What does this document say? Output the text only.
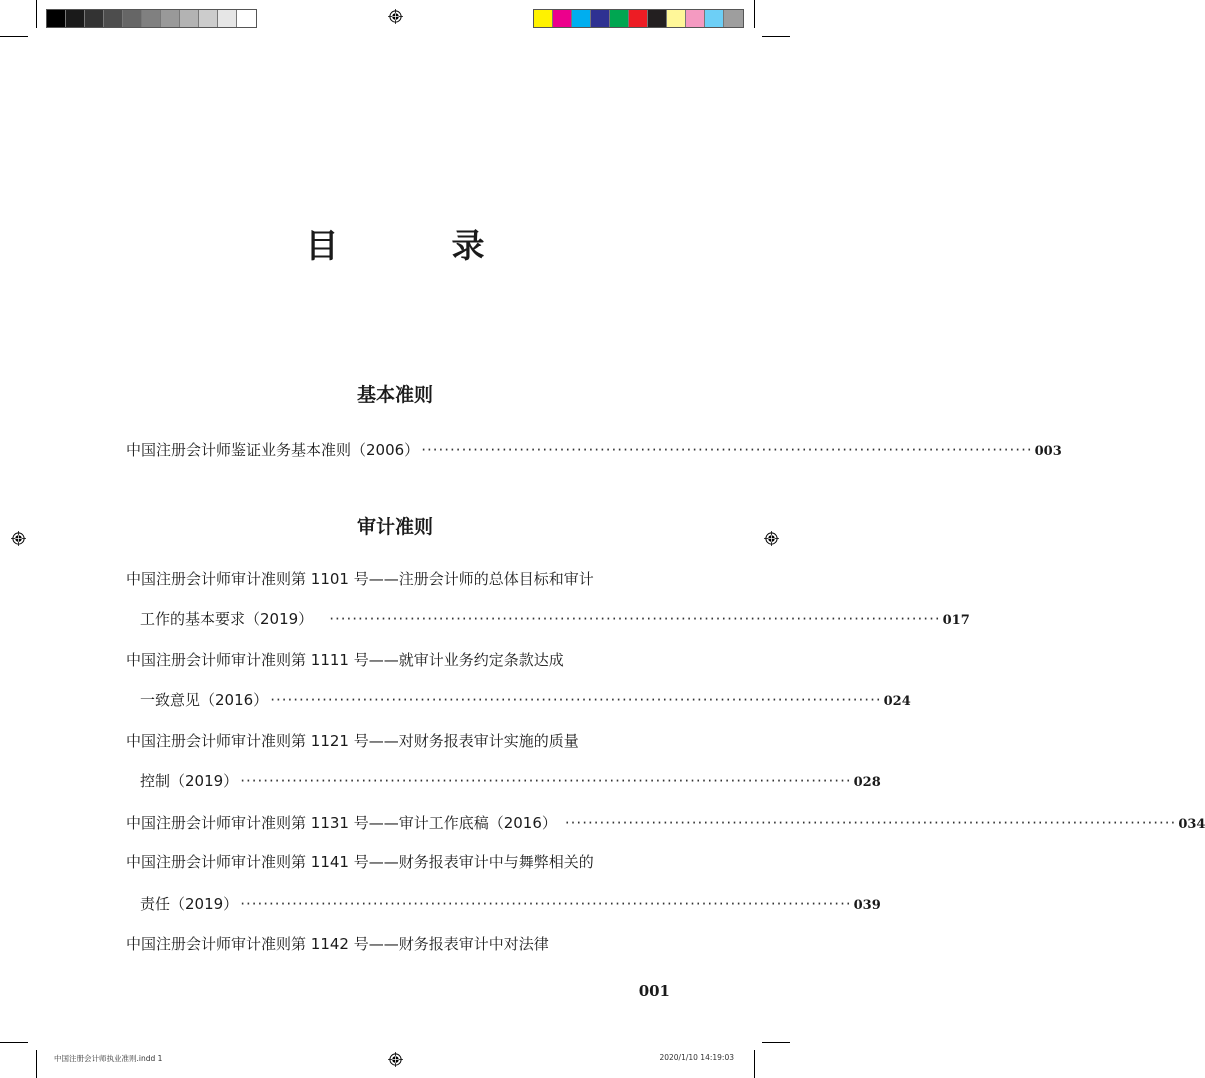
目　录
基本准则
中国注册会计师鉴证业务基本准则（2006） ·········································································································· 003
审计准则
中国注册会计师审计准则第 1101 号——注册会计师的总体目标和审计
工作的基本要求（2019） ·········································································································· 017
中国注册会计师审计准则第 1111 号——就审计业务约定条款达成
一致意见（2016） ·········································································································· 024
中国注册会计师审计准则第 1121 号——对财务报表审计实施的质量
控制（2019） ·········································································································· 028
中国注册会计师审计准则第 1131 号——审计工作底稿（2016） ·········································································································· 034
中国注册会计师审计准则第 1141 号——财务报表审计中与舞弊相关的
责任（2019） ·········································································································· 039
中国注册会计师审计准则第 1142 号——财务报表审计中对法律
001
中国注册会计师执业准则.indd 1	2020/1/10 14:19:03
